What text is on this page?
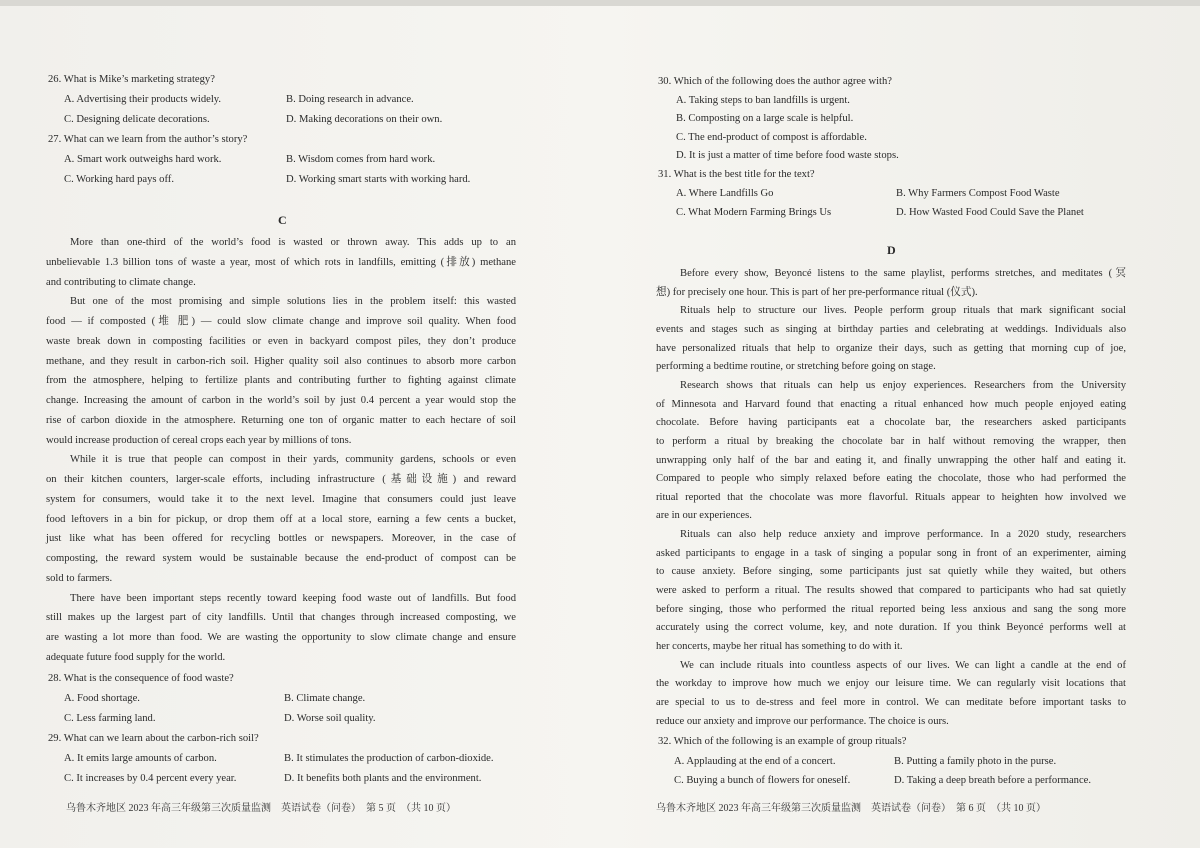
26. What is Mike’s marketing strategy?
A. Advertising their products widely.	B. Doing research in advance.
C. Designing delicate decorations.	D. Making decorations on their own.
27. What can we learn from the author’s story?
A. Smart work outweighs hard work.	B. Wisdom comes from hard work.
C. Working hard pays off.	D. Working smart starts with working hard.
C
More than one-third of the world’s food is wasted or thrown away. This adds up to an
unbelievable 1.3 billion tons of waste a year, most of which rots in landfills, emitting (排放) methane
and contributing to climate change.
But one of the most promising and simple solutions lies in the problem itself: this wasted
food — if composted (堆 肥) — could slow climate change and improve soil quality. When food
waste break down in composting facilities or even in backyard compost piles, they don’t produce
methane, and they result in carbon-rich soil. Higher quality soil also continues to absorb more carbon
from the atmosphere, helping to fertilize plants and contributing further to fighting against climate
change. Increasing the amount of carbon in the world’s soil by just 0.4 percent a year would stop the
rise of carbon dioxide in the atmosphere. Returning one ton of organic matter to each hectare of soil
would increase production of cereal crops each year by millions of tons.
While it is true that people can compost in their yards, community gardens, schools or even
on their kitchen counters, larger-scale efforts, including infrastructure (基础设施) and reward
system for consumers, would take it to the next level. Imagine that consumers could just leave
food leftovers in a bin for pickup, or drop them off at a local store, earning a few cents a bucket,
just like what has been offered for recycling bottles or newspapers. Moreover, in the case of
composting, the reward system would be sustainable because the end-product of compost can be
sold to farmers.
There have been important steps recently toward keeping food waste out of landfills. But food
still makes up the largest part of city landfills. Until that changes through increased composting, we
are wasting a lot more than food. We are wasting the opportunity to slow climate change and ensure
adequate future food supply for the world.
28. What is the consequence of food waste?
A. Food shortage.	B. Climate change.
C. Less farming land.	D. Worse soil quality.
29. What can we learn about the carbon-rich soil?
A. It emits large amounts of carbon.	B. It stimulates the production of carbon-dioxide.
C. It increases by 0.4 percent every year.	D. It benefits both plants and the environment.
乌鲁木齐地区 2023 年高三年级第三次质量监测　英语试卷（问卷）　第 5 页　（共 10 页）
30. Which of the following does the author agree with?
A. Taking steps to ban landfills is urgent.
B. Composting on a large scale is helpful.
C. The end-product of compost is affordable.
D. It is just a matter of time before food waste stops.
31. What is the best title for the text?
A. Where Landfills Go	B. Why Farmers Compost Food Waste
C. What Modern Farming Brings Us	D. How Wasted Food Could Save the Planet
D
Before every show, Beyoncé listens to the same playlist, performs stretches, and meditates (冥
想) for precisely one hour. This is part of her pre-performance ritual (仪式).
Rituals help to structure our lives. People perform group rituals that mark significant social
events and stages such as singing at birthday parties and celebrating at weddings. Individuals also
have personalized rituals that help to organize their days, such as getting that morning cup of joe,
performing a bedtime routine, or stretching before going on stage.
Research shows that rituals can help us enjoy experiences. Researchers from the University
of Minnesota and Harvard found that enacting a ritual enhanced how much people enjoyed eating
chocolate. Before having participants eat a chocolate bar, the researchers asked participants
to perform a ritual by breaking the chocolate bar in half without removing the wrapper, then
unwrapping only half of the bar and eating it, and finally unwrapping the other half and eating it.
Compared to people who simply relaxed before eating the chocolate, those who had performed the
ritual reported that the chocolate was more flavorful. Rituals appear to heighten how involved we
are in our experiences.
Rituals can also help reduce anxiety and improve performance. In a 2020 study, researchers
asked participants to engage in a task of singing a popular song in front of an experimenter, aiming
to cause anxiety. Before singing, some participants just sat quietly while they waited, but others
were asked to perform a ritual. The results showed that compared to participants who had sat quietly
before singing, those who performed the ritual reported being less anxious and sang the song more
accurately using the correct volume, key, and note duration. If you think Beyoncé performs well at
her concerts, maybe her ritual has something to do with it.
We can include rituals into countless aspects of our lives. We can light a candle at the end of
the workday to improve how much we enjoy our leisure time. We can regularly visit locations that
are special to us to de-stress and feel more in control. We can meditate before important tasks to
reduce our anxiety and improve our performance. The choice is ours.
32. Which of the following is an example of group rituals?
A. Applauding at the end of a concert.	B. Putting a family photo in the purse.
C. Buying a bunch of flowers for oneself.	D. Taking a deep breath before a performance.
乌鲁木齐地区 2023 年高三年级第三次质量监测　英语试卷（问卷）　第 6 页　（共 10 页）
